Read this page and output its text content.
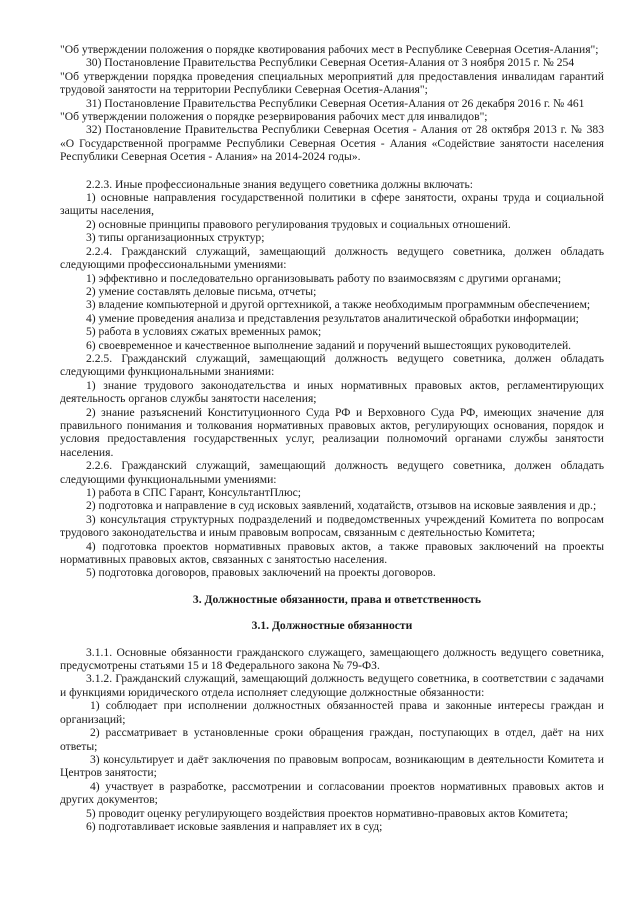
"Об утверждении положения о порядке квотирования рабочих мест в Республике Северная Осетия-Алания";

30) Постановление Правительства Республики Северная Осетия-Алания от 3 ноября 2015 г. № 254

"Об утверждении порядка проведения специальных мероприятий для предоставления инвалидам гарантий трудовой занятости на территории Республики Северная Осетия-Алания";

31) Постановление Правительства Республики Северная Осетия-Алания от 26 декабря 2016 г. № 461

"Об утверждении положения о порядке резервирования рабочих мест для инвалидов";

32) Постановление Правительства Республики Северная Осетия - Алания от 28 октября 2013 г. № 383 «О Государственной программе Республики Северная Осетия - Алания «Содействие занятости населения Республики Северная Осетия - Алания» на 2014-2024 годы».

2.2.3. Иные профессиональные знания ведущего советника должны включать:

1) основные направления государственной политики в сфере занятости, охраны труда и социальной защиты населения,

2) основные принципы правового регулирования трудовых и социальных отношений.

3) типы организационных структур;

2.2.4. Гражданский служащий, замещающий должность ведущего советника, должен обладать следующими профессиональными умениями:

1) эффективно и последовательно организовывать работу по взаимосвязям с другими органами;

2) умение составлять деловые письма, отчеты;

3) владение компьютерной и другой оргтехникой, а также необходимым программным обеспечением;

4) умение проведения анализа и представления результатов аналитической обработки информации;

5) работа в условиях сжатых временных рамок;

6) своевременное и качественное выполнение заданий и поручений вышестоящих руководителей.

2.2.5. Гражданский служащий, замещающий должность ведущего советника, должен обладать следующими функциональными знаниями:

1) знание трудового законодательства и иных нормативных правовых актов, регламентирующих деятельность органов службы занятости населения;

2) знание разъяснений Конституционного Суда РФ и Верховного Суда РФ, имеющих значение для правильного понимания и толкования нормативных правовых актов, регулирующих основания, порядок и условия предоставления государственных услуг, реализации полномочий органами службы занятости населения.

2.2.6. Гражданский служащий, замещающий должность ведущего советника, должен обладать следующими функциональными умениями:

1) работа в СПС Гарант, КонсультантПлюс;

2) подготовка и направление в суд исковых заявлений, ходатайств, отзывов на исковые заявления и др.;

3) консультация структурных подразделений и подведомственных учреждений Комитета по вопросам трудового законодательства и иным правовым вопросам, связанным с деятельностью Комитета;

4) подготовка проектов нормативных правовых актов, а также правовых заключений на проекты нормативных правовых актов, связанных с занятостью населения.

5) подготовка договоров, правовых заключений на проекты договоров.

3. Должностные обязанности, права и ответственность

3.1. Должностные обязанности

3.1.1. Основные обязанности гражданского служащего, замещающего должность ведущего советника, предусмотрены статьями 15 и 18 Федерального закона № 79-ФЗ.

3.1.2. Гражданский служащий, замещающий должность ведущего советника, в соответствии с задачами и функциями юридического отдела исполняет следующие должностные обязанности:

1) соблюдает при исполнении должностных обязанностей права и законные интересы граждан и организаций;

2) рассматривает в установленные сроки обращения граждан, поступающих в отдел, даёт на них ответы;

3) консультирует и даёт заключения по правовым вопросам, возникающим в деятельности Комитета и Центров занятости;

4) участвует в разработке, рассмотрении и согласовании проектов нормативных правовых актов и других документов;

5) проводит оценку регулирующего воздействия проектов нормативно-правовых актов Комитета;

6) подготавливает исковые заявления и направляет их в суд;
